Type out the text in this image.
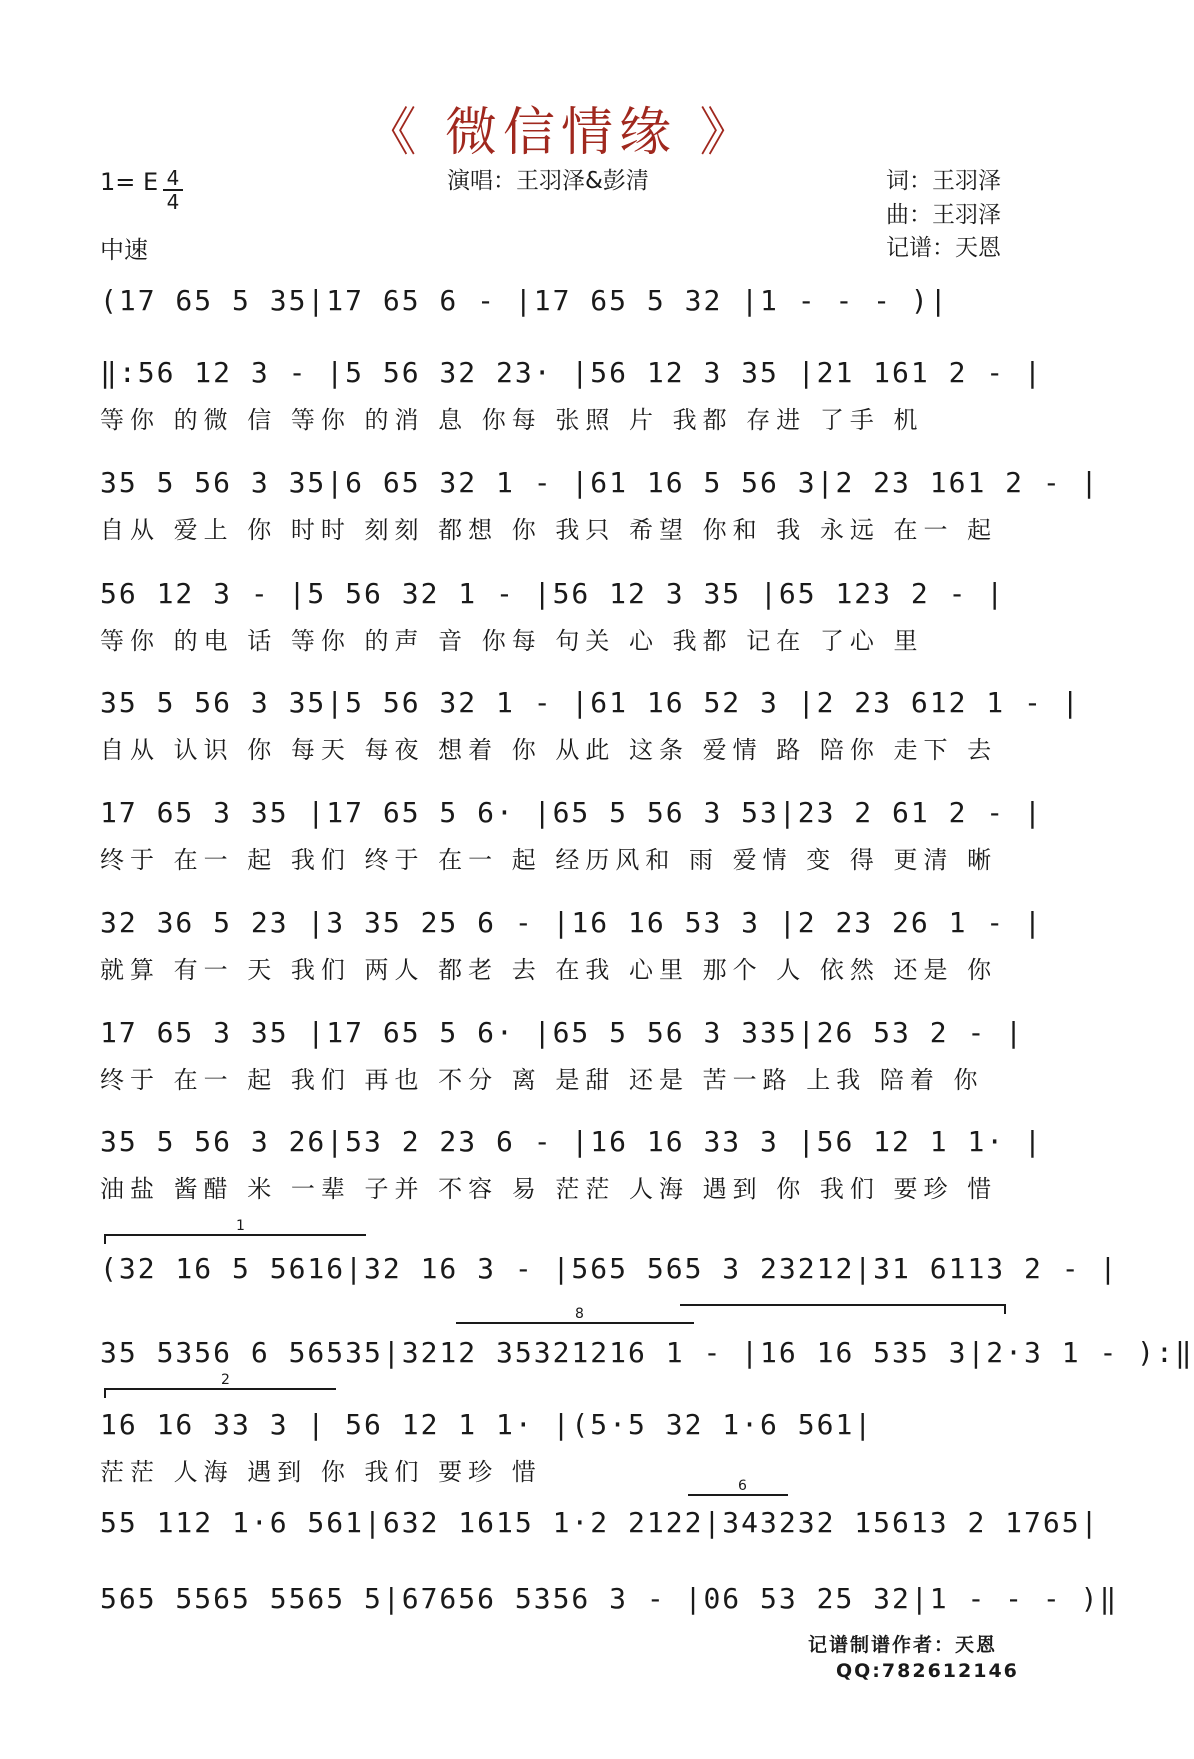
《 微信情缘 》
演唱：王羽泽&彭清	词：王羽泽
曲：王羽泽
记谱：天恩
1= E $\frac{4}{4}$
中速
(17 65 5 35|17 65 6 - |17 65 5 32 |1 - - - )|
‖:56 12 3 - |5 56 32 23· |56 12 3 35 |21 161 2 - |
等你 的微 信 等你 的消 息 你每 张照 片 我都 存进 了手 机
35 5 56 3 35|6 65 32 1 - |61 16 5 56 3|2 23 161 2 - |
自从 爱上 你 时时 刻刻 都想 你 我只 希望 你和 我 永远 在一 起
56 12 3 - |5 56 32 1 - |56 12 3 35 |65 123 2 - |
等你 的电 话 等你 的声 音 你每 句关 心 我都 记在 了心 里
35 5 56 3 35|5 56 32 1 - |61 16 52 3 |2 23 612 1 - |
自从 认识 你 每天 每夜 想着 你 从此 这条 爱情 路 陪你 走下 去
17 65 3 35 |17 65 5 6· |65 5 56 3 53|23 2 61 2 - |
终于 在一 起 我们 终于 在一 起 经历风和 雨 爱情 变 得 更清 晰
32 36 5 23 |3 35 25 6 - |16 16 53 3 |2 23 26 1 - |
就算 有一 天 我们 两人 都老 去 在我 心里 那个 人 依然 还是 你
17 65 3 35 |17 65 5 6· |65 5 56 3 335|26 53 2 - |
终于 在一 起 我们 再也 不分 离 是甜 还是 苦一路 上我 陪着 你
35 5 56 3 26|53 2 23 6 - |16 16 33 3 |56 12 1 1· |
油盐 酱醋 米 一辈 子并 不容 易 茫茫 人海 遇到 你 我们 要珍 惜
1
(32 16 5 5616|32 16 3 - |565 565 3 23212|31 6113 2 - |
8
35 5356 6 56535|3212 35321216 1 - |16 16 535 3|2·3 1 - ):‖
2
16 16 33 3 | 56 12 1 1· |(5·5 32 1·6 561|
茫茫 人海 遇到 你 我们 要珍 惜	6
55 112 1·6 561|632 1615 1·2 2122|343232 15613 2 1765|
565 5565 5565 5|67656 5356 3 - |06 53 25 32|1 - - - )‖
记谱制谱作者：天恩
QQ:782612146
